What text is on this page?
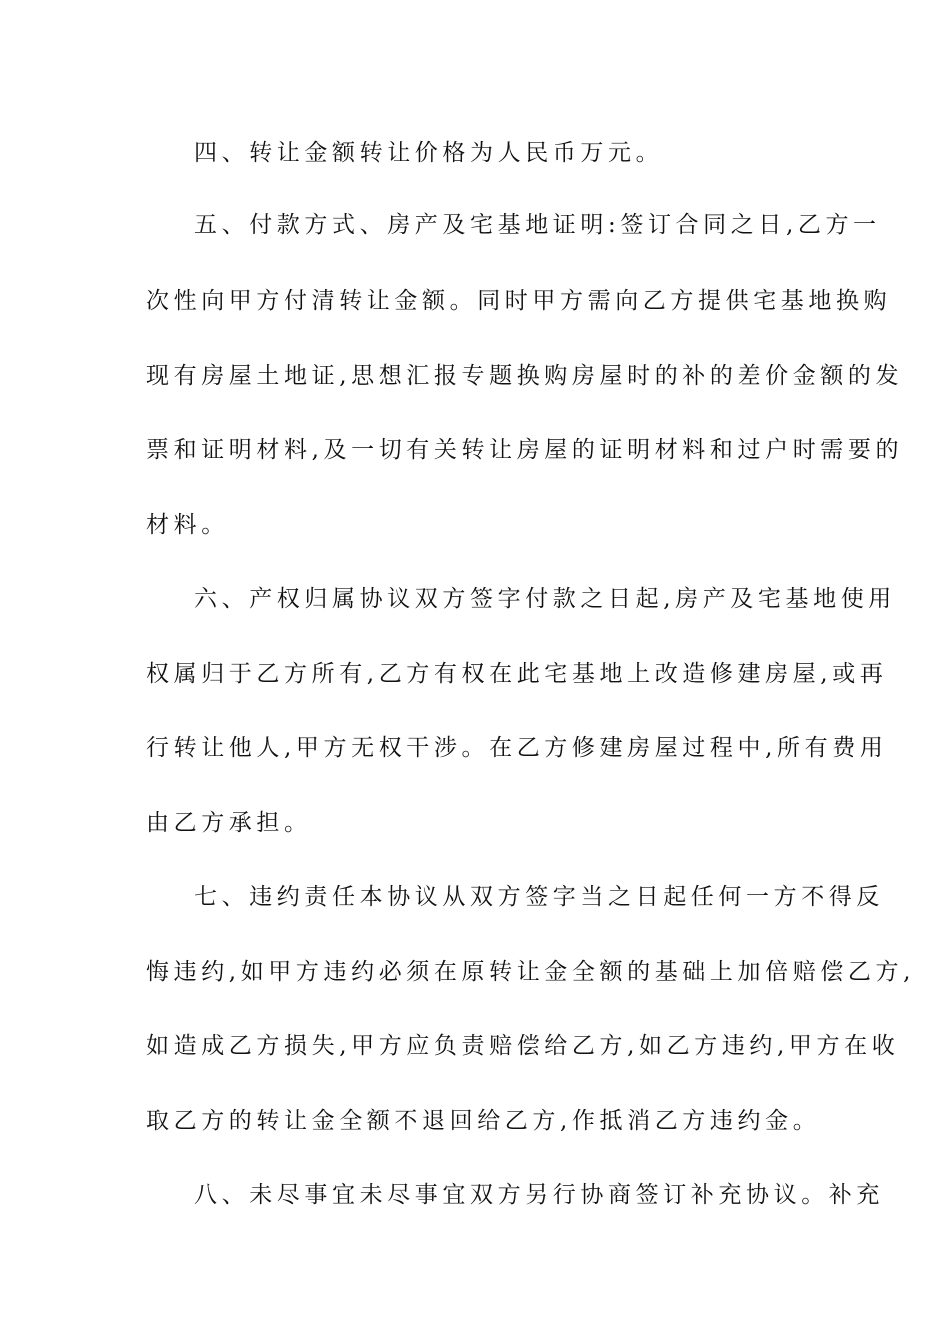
四、转让金额转让价格为人民币万元。
五、付款方式、房产及宅基地证明:签订合同之日,乙方一
次性向甲方付清转让金额。同时甲方需向乙方提供宅基地换购
现有房屋土地证,思想汇报专题换购房屋时的补的差价金额的发
票和证明材料,及一切有关转让房屋的证明材料和过户时需要的
材料。
六、产权归属协议双方签字付款之日起,房产及宅基地使用
权属归于乙方所有,乙方有权在此宅基地上改造修建房屋,或再
行转让他人,甲方无权干涉。在乙方修建房屋过程中,所有费用
由乙方承担。
七、违约责任本协议从双方签字当之日起任何一方不得反
悔违约,如甲方违约必须在原转让金全额的基础上加倍赔偿乙方,
如造成乙方损失,甲方应负责赔偿给乙方,如乙方违约,甲方在收
取乙方的转让金全额不退回给乙方,作抵消乙方违约金。
八、未尽事宜未尽事宜双方另行协商签订补充协议。补充
